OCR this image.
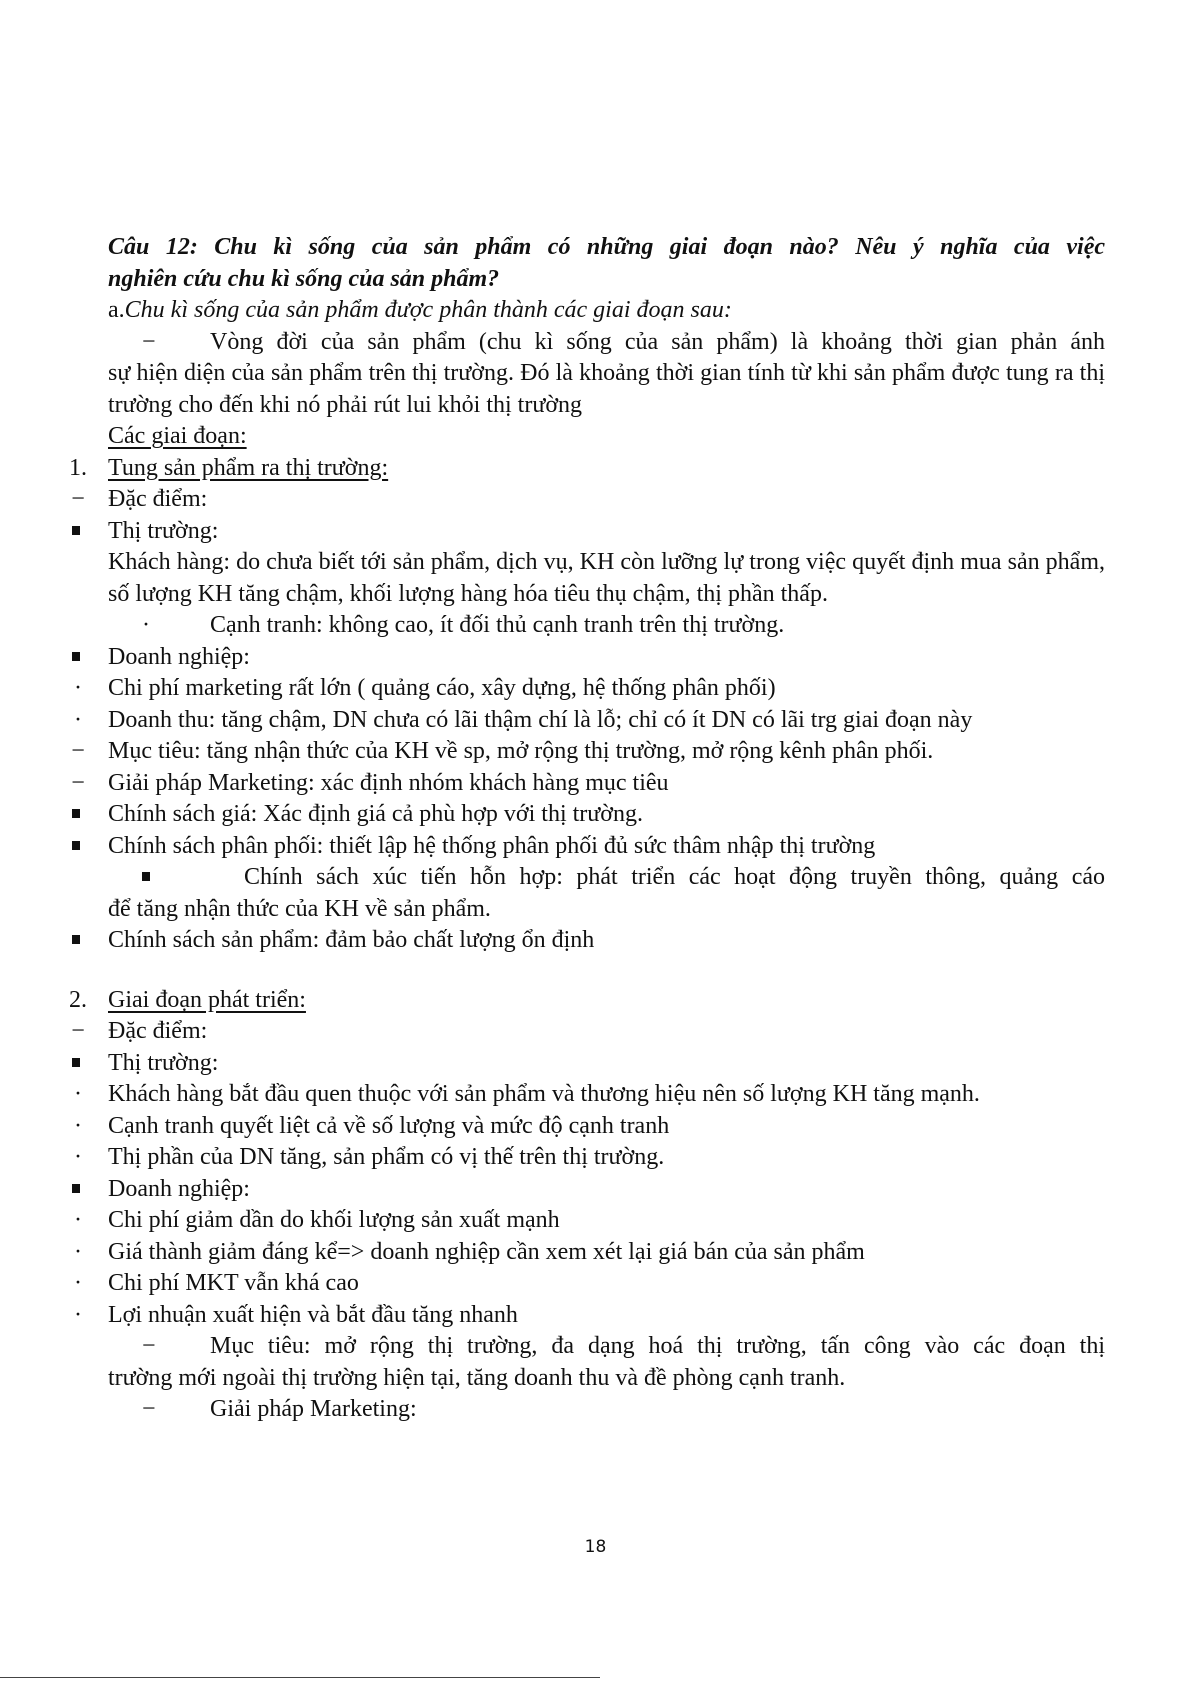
Câu 12: Chu kì sống của sản phẩm có những giai đoạn nào? Nêu ý nghĩa của việc
nghiên cứu chu kì sống của sản phẩm?
a.Chu kì sống của sản phẩm được phân thành các giai đoạn sau:
− Vòng đời của sản phẩm (chu kì sống của sản phẩm) là khoảng thời gian phản ánh
sự hiện diện của sản phẩm trên thị trường. Đó là khoảng thời gian tính từ khi sản phẩm được tung ra thị trường cho đến khi nó phải rút lui khỏi thị trường
Các giai đoạn:
1. Tung sản phẩm ra thị trường:
− Đặc điểm:
Thị trường:
Khách hàng: do chưa biết tới sản phẩm, dịch vụ, KH còn lưỡng lự trong việc quyết định mua sản phẩm, số lượng KH tăng chậm, khối lượng hàng hóa tiêu thụ chậm, thị phần thấp.
·	Cạnh tranh: không cao, ít đối thủ cạnh tranh trên thị trường.
Doanh nghiệp:
· Chi phí marketing rất lớn ( quảng cáo, xây dựng, hệ thống phân phối)
· Doanh thu: tăng chậm, DN chưa có lãi thậm chí là lỗ; chỉ có ít DN có lãi trg giai đoạn này
− Mục tiêu: tăng nhận thức của KH về sp, mở rộng thị trường, mở rộng kênh phân phối.
− Giải pháp Marketing: xác định nhóm khách hàng mục tiêu
Chính sách giá: Xác định giá cả phù hợp với thị trường.
Chính sách phân phối: thiết lập hệ thống phân phối đủ sức thâm nhập thị trường
Chính sách xúc tiến hỗn hợp: phát triển các hoạt động truyền thông, quảng cáo
để tăng nhận thức của KH về sản phẩm.
Chính sách sản phẩm: đảm bảo chất lượng ổn định
2. Giai đoạn phát triển:
− Đặc điểm:
Thị trường:
· Khách hàng bắt đầu quen thuộc với sản phẩm và thương hiệu nên số lượng KH tăng mạnh.
· Cạnh tranh quyết liệt cả về số lượng và mức độ cạnh tranh
· Thị phần của DN tăng, sản phẩm có vị thế trên thị trường.
Doanh nghiệp:
· Chi phí giảm dần do khối lượng sản xuất mạnh
· Giá thành giảm đáng kể=> doanh nghiệp cần xem xét lại giá bán của sản phẩm
· Chi phí MKT vẫn khá cao
· Lợi nhuận xuất hiện và bắt đầu tăng nhanh
− Mục tiêu: mở rộng thị trường, đa dạng hoá thị trường, tấn công vào các đoạn thị
trường mới ngoài thị trường hiện tại, tăng doanh thu và đề phòng cạnh tranh.
− Giải pháp Marketing:
18
